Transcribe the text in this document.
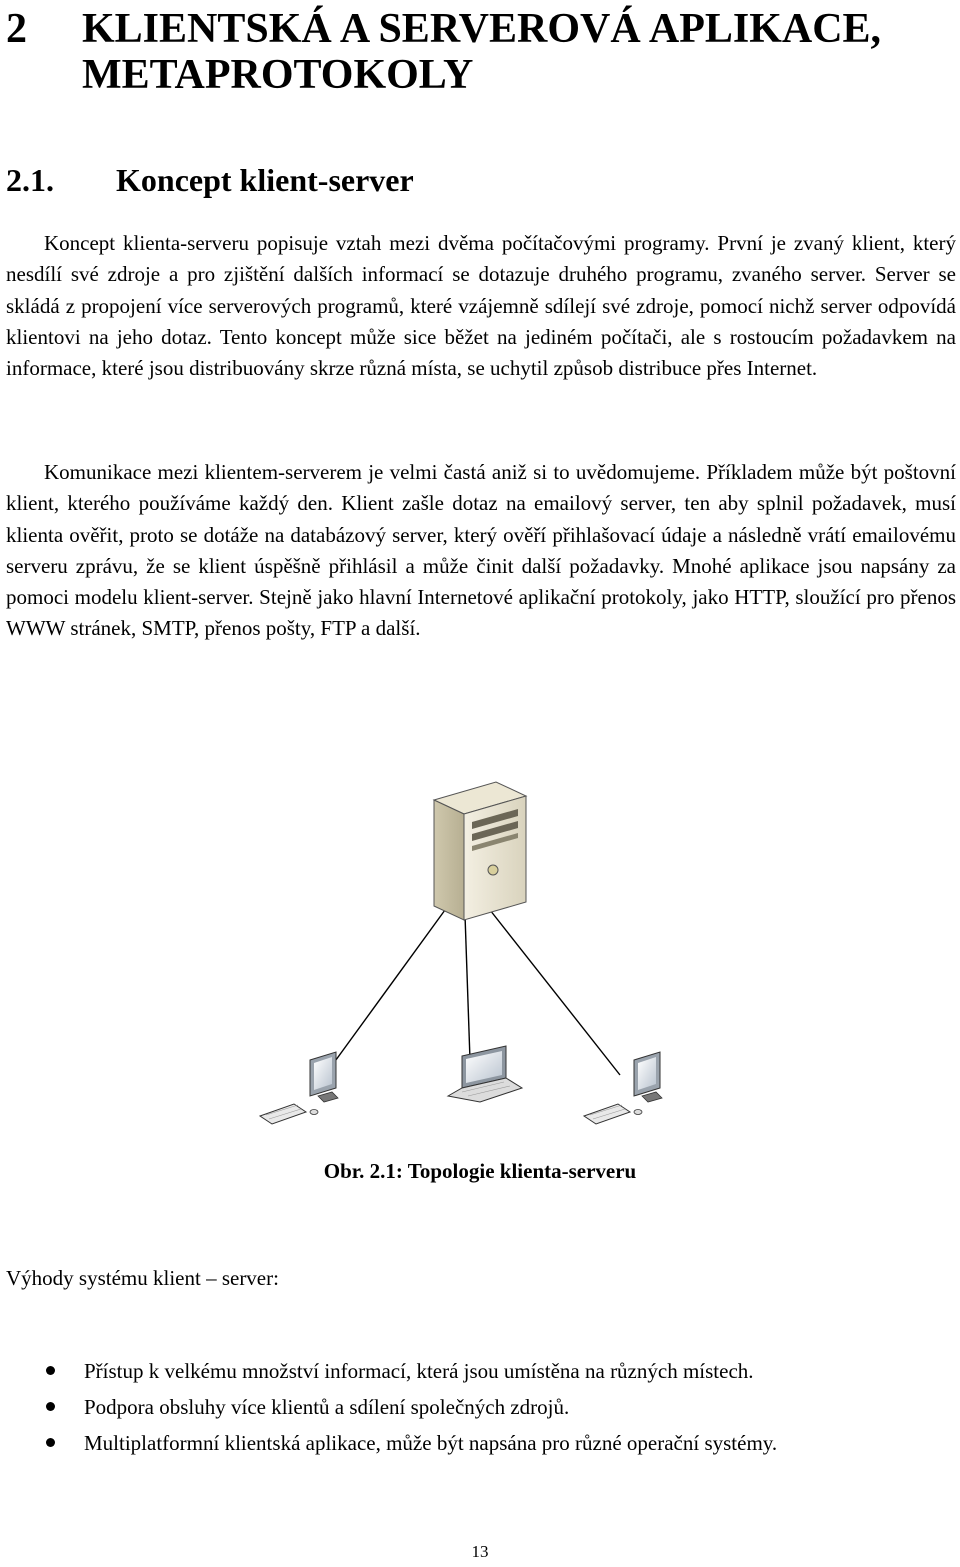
2 KLIENTSKÁ A SERVEROVÁ APLIKACE, METAPROTOKOLY
2.1. Koncept klient-server

Koncept klienta-serveru popisuje vztah mezi dvěma počítačovými programy. První je zvaný klient, který nesdílí své zdroje a pro zjištění dalších informací se dotazuje druhého programu, zvaného server. Server se skládá z propojení více serverových programů, které vzájemně sdílejí své zdroje, pomocí nichž server odpovídá klientovi na jeho dotaz. Tento koncept může sice běžet na jediném počítači, ale s rostoucím požadavkem na informace, které jsou distribuovány skrze různá místa, se uchytil způsob distribuce přes Internet.

Komunikace mezi klientem-serverem je velmi častá aniž si to uvědomujeme. Příkladem může být poštovní klient, kterého používáme každý den. Klient zašle dotaz na emailový server, ten aby splnil požadavek, musí klienta ověřit, proto se dotáže na databázový server, který ověří přihlašovací údaje a následně vrátí emailovému serveru zprávu, že se klient úspěšně přihlásil a může činit další požadavky. Mnohé aplikace jsou napsány za pomoci modelu klient-server. Stejně jako hlavní Internetové aplikační protokoly, jako HTTP, sloužící pro přenos WWW stránek, SMTP, přenos pošty, FTP a další.

Obr. 2.1: Topologie klienta-serveru
Výhody systému klient – server:
Přístup k velkému množství informací, která jsou umístěna na různých místech.
Podpora obsluhy více klientů a sdílení společných zdrojů.
Multiplatformní klientská aplikace, může být napsána pro různé operační systémy.
13
